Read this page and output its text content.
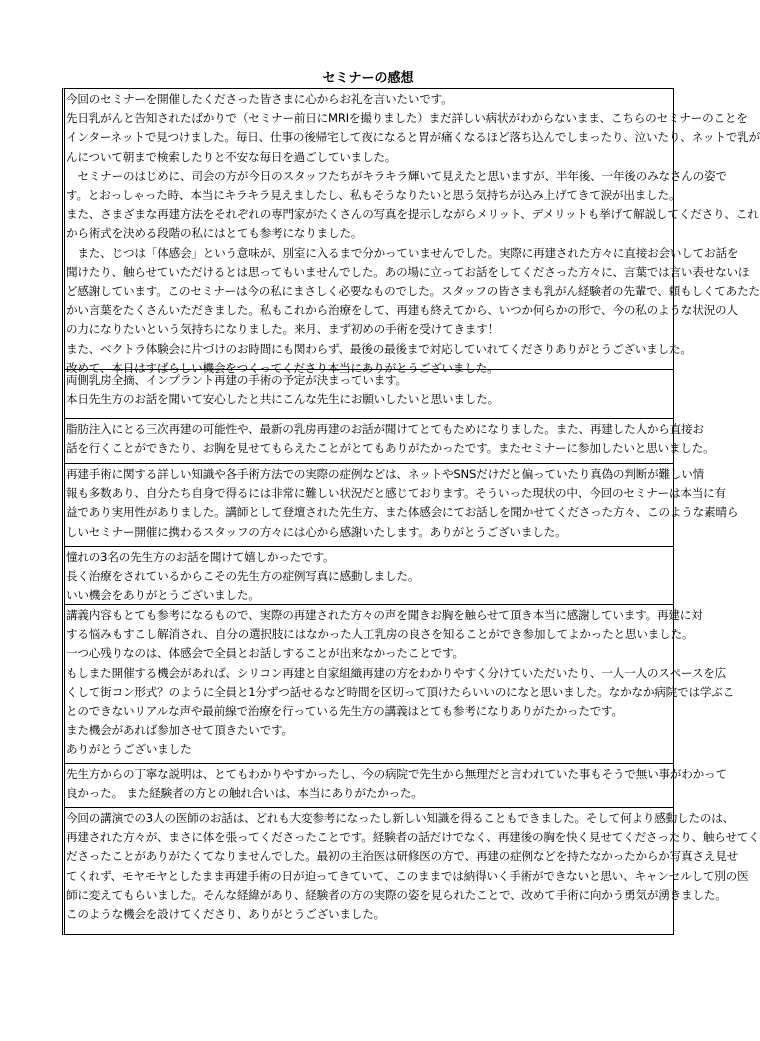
セミナーの感想
今回のセミナーを開催したくださった皆さまに心からお礼を言いたいです。
先日乳がんと告知されたばかりで（セミナー前日にMRIを撮りました）まだ詳しい病状がわからないまま、こちらのセミナーのことを
インターネットで見つけました。毎日、仕事の後帰宅して夜になると胃が痛くなるほど落ち込んでしまったり、泣いたり、ネットで乳が
んについて朝まで検索したりと不安な毎日を過ごしていました。
　セミナーのはじめに、司会の方が今日のスタッフたちがキラキラ輝いて見えたと思いますが、半年後、一年後のみなさんの姿で
す。とおっしゃった時、本当にキラキラ見えましたし、私もそうなりたいと思う気持ちが込み上げてきて涙が出ました。
また、さまざまな再建方法をそれぞれの専門家がたくさんの写真を提示しながらメリット、デメリットも挙げて解説してくださり、これ
から術式を決める段階の私にはとても参考になりました。
　また、じつは「体感会」という意味が、別室に入るまで分かっていませんでした。実際に再建された方々に直接お会いしてお話を
聞けたり、触らせていただけるとは思ってもいませんでした。あの場に立ってお話をしてくださった方々に、言葉では言い表せないほ
ど感謝しています。このセミナーは今の私にまさしく必要なものでした。スタッフの皆さまも乳がん経験者の先輩で、頼もしくてあたた
かい言葉をたくさんいただきました。私もこれから治療をして、再建も終えてから、いつか何らかの形で、今の私のような状況の人
の力になりたいという気持ちになりました。来月、まず初めの手術を受けてきます！
また、ベクトラ体験会に片づけのお時間にも関わらず、最後の最後まで対応していれてくださりありがとうございました。
改めて、本日はすばらしい機会をつくってくださり本当にありがとうございました。
両側乳房全摘、インプラント再建の手術の予定が決まっています。
本日先生方のお話を聞いて安心したと共にこんな先生にお願いしたいと思いました。
脂肪注入にとる三次再建の可能性や、最新の乳房再建のお話が聞けてとてもためになりました。また、再建した人から直接お
話を行くことができたり、お胸を見せてもらえたことがとてもありがたかったです。またセミナーに参加したいと思いました。
再建手術に関する詳しい知識や各手術方法での実際の症例などは、ネットやSNSだけだと偏っていたり真偽の判断が難しい情
報も多数あり、自分たち自身で得るには非常に難しい状況だと感じております。そういった現状の中、今回のセミナーは本当に有
益であり実用性がありました。講師として登壇された先生方、また体感会にてお話しを聞かせてくださった方々、このような素晴ら
しいセミナー開催に携わるスタッフの方々には心から感謝いたします。ありがとうございました。
憧れの3名の先生方のお話を聞けて嬉しかったです。
長く治療をされているからこその先生方の症例写真に感動しました。
いい機会をありがとうございました。
講義内容もとても参考になるもので、実際の再建された方々の声を聞きお胸を触らせて頂き本当に感謝しています。再建に対
する悩みもすこし解消され、自分の選択肢にはなかった人工乳房の良さを知ることができ参加してよかったと思いました。
一つ心残りなのは、体感会で全員とお話しすることが出来なかったことです。
もしまた開催する機会があれば、シリコン再建と自家組織再建の方をわかりやすく分けていただいたり、一人一人のスペースを広
くして街コン形式？のように全員と1分ずつ話せるなど時間を区切って頂けたらいいのになと思いました。なかなか病院では学ぶこ
とのできないリアルな声や最前線で治療を行っている先生方の講義はとても参考になりありがたかったです。
また機会があれば参加させて頂きたいです。
ありがとうございました
先生方からの丁寧な説明は、とてもわかりやすかったし、今の病院で先生から無理だと言われていた事もそうで無い事がわかって
良かった。 また経験者の方との触れ合いは、本当にありがたかった。
今回の講演での3人の医師のお話は、どれも大変参考になったし新しい知識を得ることもできました。そして何より感動したのは、
再建された方々が、まさに体を張ってくださったことです。経験者の話だけでなく、再建後の胸を快く見せてくださったり、触らせてく
ださったことがありがたくてなりませんでした。最初の主治医は研修医の方で、再建の症例などを持たなかったからか写真さえ見せ
てくれず、モヤモヤとしたまま再建手術の日が迫ってきていて、このままでは納得いく手術ができないと思い、キャンセルして別の医
師に変えてもらいました。そんな経緯があり、経験者の方の実際の姿を見られたことで、改めて手術に向かう勇気が湧きました。
このような機会を設けてくださり、ありがとうございました。
